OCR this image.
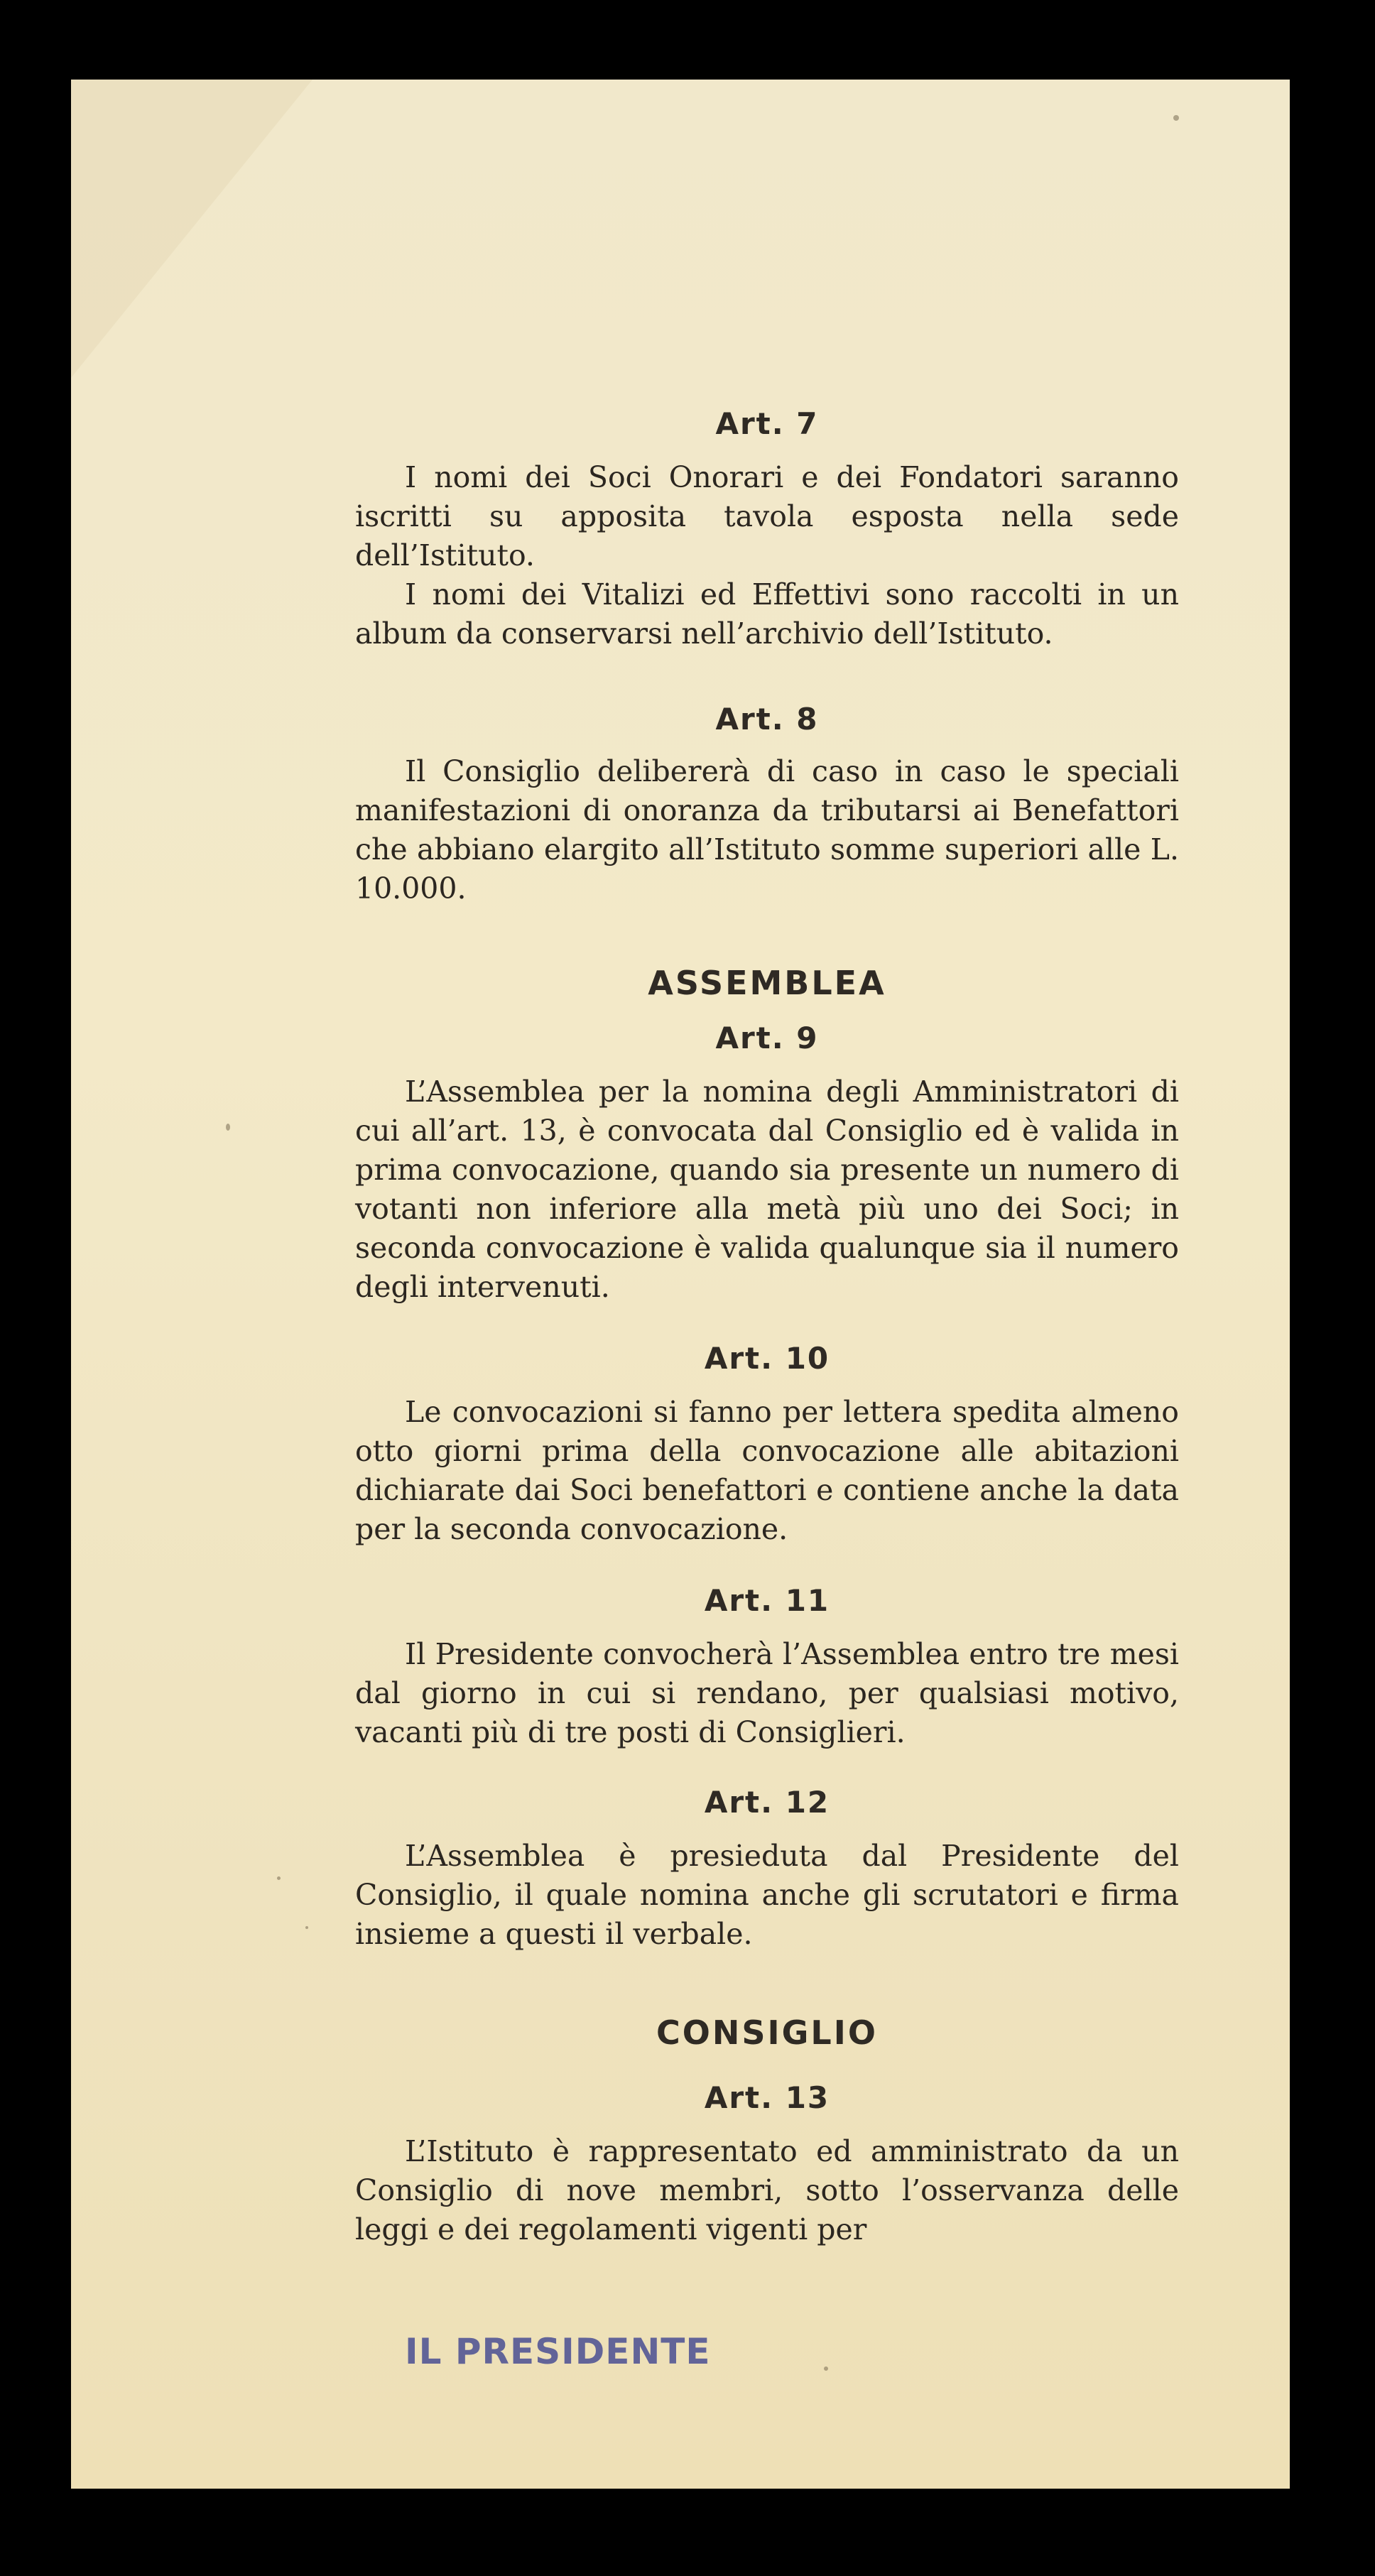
Art. 7

I nomi dei Soci Onorari e dei Fondatori saranno iscritti su apposita tavola esposta nella sede dell’Istituto.

I nomi dei Vitalizi ed Effettivi sono raccolti in un album da conservarsi nell’archivio dell’Istituto.

Art. 8

Il Consiglio delibererà di caso in caso le speciali manifestazioni di onoranza da tributarsi ai Benefattori che abbiano elargito all’Istituto somme superiori alle L. 10.000.

ASSEMBLEA
Art. 9

L’Assemblea per la nomina degli Amministratori di cui all’art. 13, è convocata dal Consiglio ed è valida in prima convocazione, quando sia presente un numero di votanti non inferiore alla metà più uno dei Soci; in seconda convocazione è valida qualunque sia il numero degli intervenuti.

Art. 10

Le convocazioni si fanno per lettera spedita almeno otto giorni prima della convocazione alle abitazioni dichiarate dai Soci benefattori e contiene anche la data per la seconda convocazione.

Art. 11

Il Presidente convocherà l’Assemblea entro tre mesi dal giorno in cui si rendano, per qualsiasi motivo, vacanti più di tre posti di Consiglieri.

Art. 12

L’Assemblea è presieduta dal Presidente del Consiglio, il quale nomina anche gli scrutatori e firma insieme a questi il verbale.

CONSIGLIO
Art. 13

L’Istituto è rappresentato ed amministrato da un Consiglio di nove membri, sotto l’osservanza delle leggi e dei regolamenti vigenti per

IL PRESIDENTE
